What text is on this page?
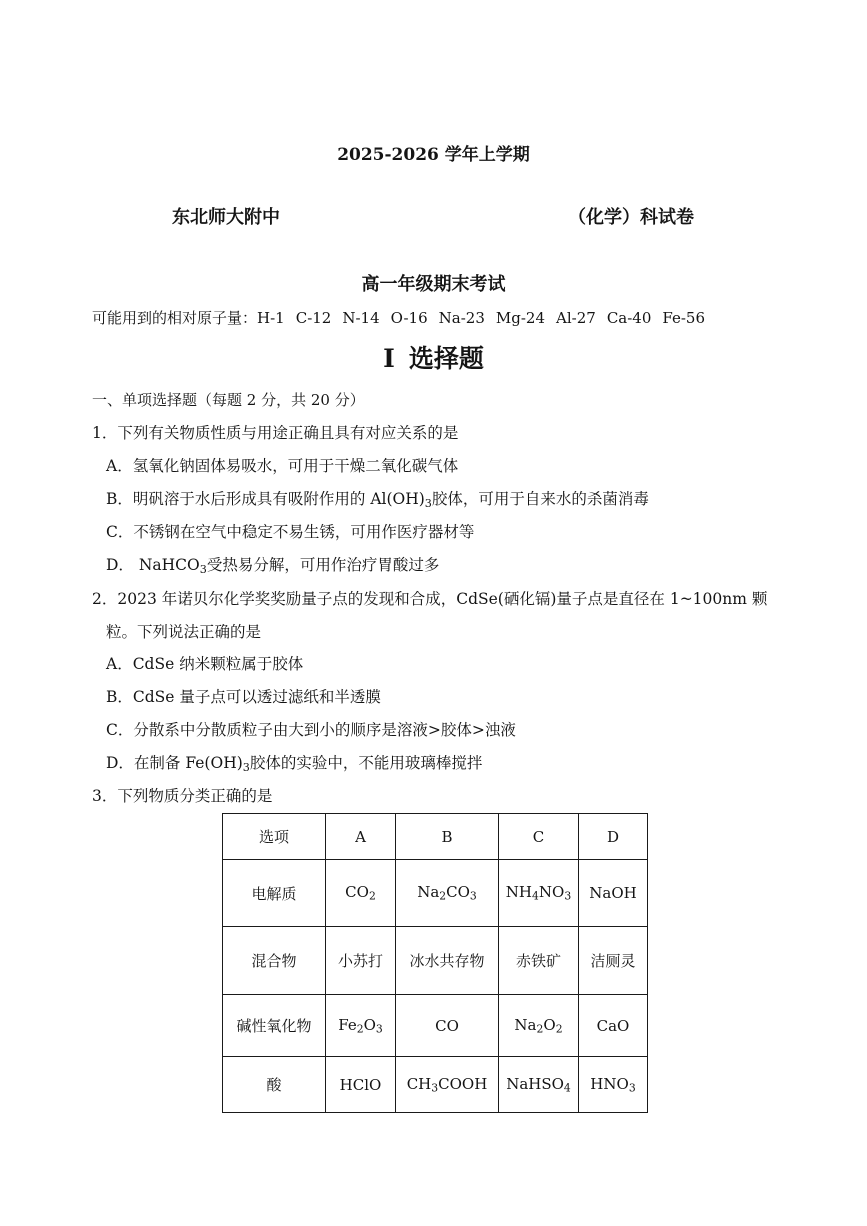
2025-2026 学年上学期
东北师大附中	（化学）科试卷
高一年级期末考试
可能用到的相对原子量：H-1 C-12 N-14 O-16 Na-23 Mg-24 Al-27 Ca-40 Fe-56
I 选择题
一、单项选择题（每题 2 分，共 20 分）
1．下列有关物质性质与用途正确且具有对应关系的是
A．氢氧化钠固体易吸水，可用于干燥二氧化碳气体
B．明矾溶于水后形成具有吸附作用的 $Al(OH)_3$胶体，可用于自来水的杀菌消毒
C．不锈钢在空气中稳定不易生锈，可用作医疗器材等
D． NaHCO$_3$受热易分解，可用作治疗胃酸过多
2．2023 年诺贝尔化学奖奖励量子点的发现和合成，CdSe(硒化镉)量子点是直径在 1~100nm 颗
粒。下列说法正确的是
A．CdSe 纳米颗粒属于胶体
B．CdSe 量子点可以透过滤纸和半透膜
C．分散系中分散质粒子由大到小的顺序是溶液>胶体>浊液
D．在制备 $Fe(OH)_3$胶体的实验中，不能用玻璃棒搅拌
3．下列物质分类正确的是
选项	A	B	C	D
电解质	$CO_2$	$Na_2CO_3$	$NH_4NO_3$	NaOH
混合物	小苏打	冰水共存物	赤铁矿	洁厕灵
碱性氧化物	$Fe_2O_3$	CO	$Na_2O_2$	CaO
酸	HClO	$CH_3COOH$	NaHSO$_4$	$HNO_3$
